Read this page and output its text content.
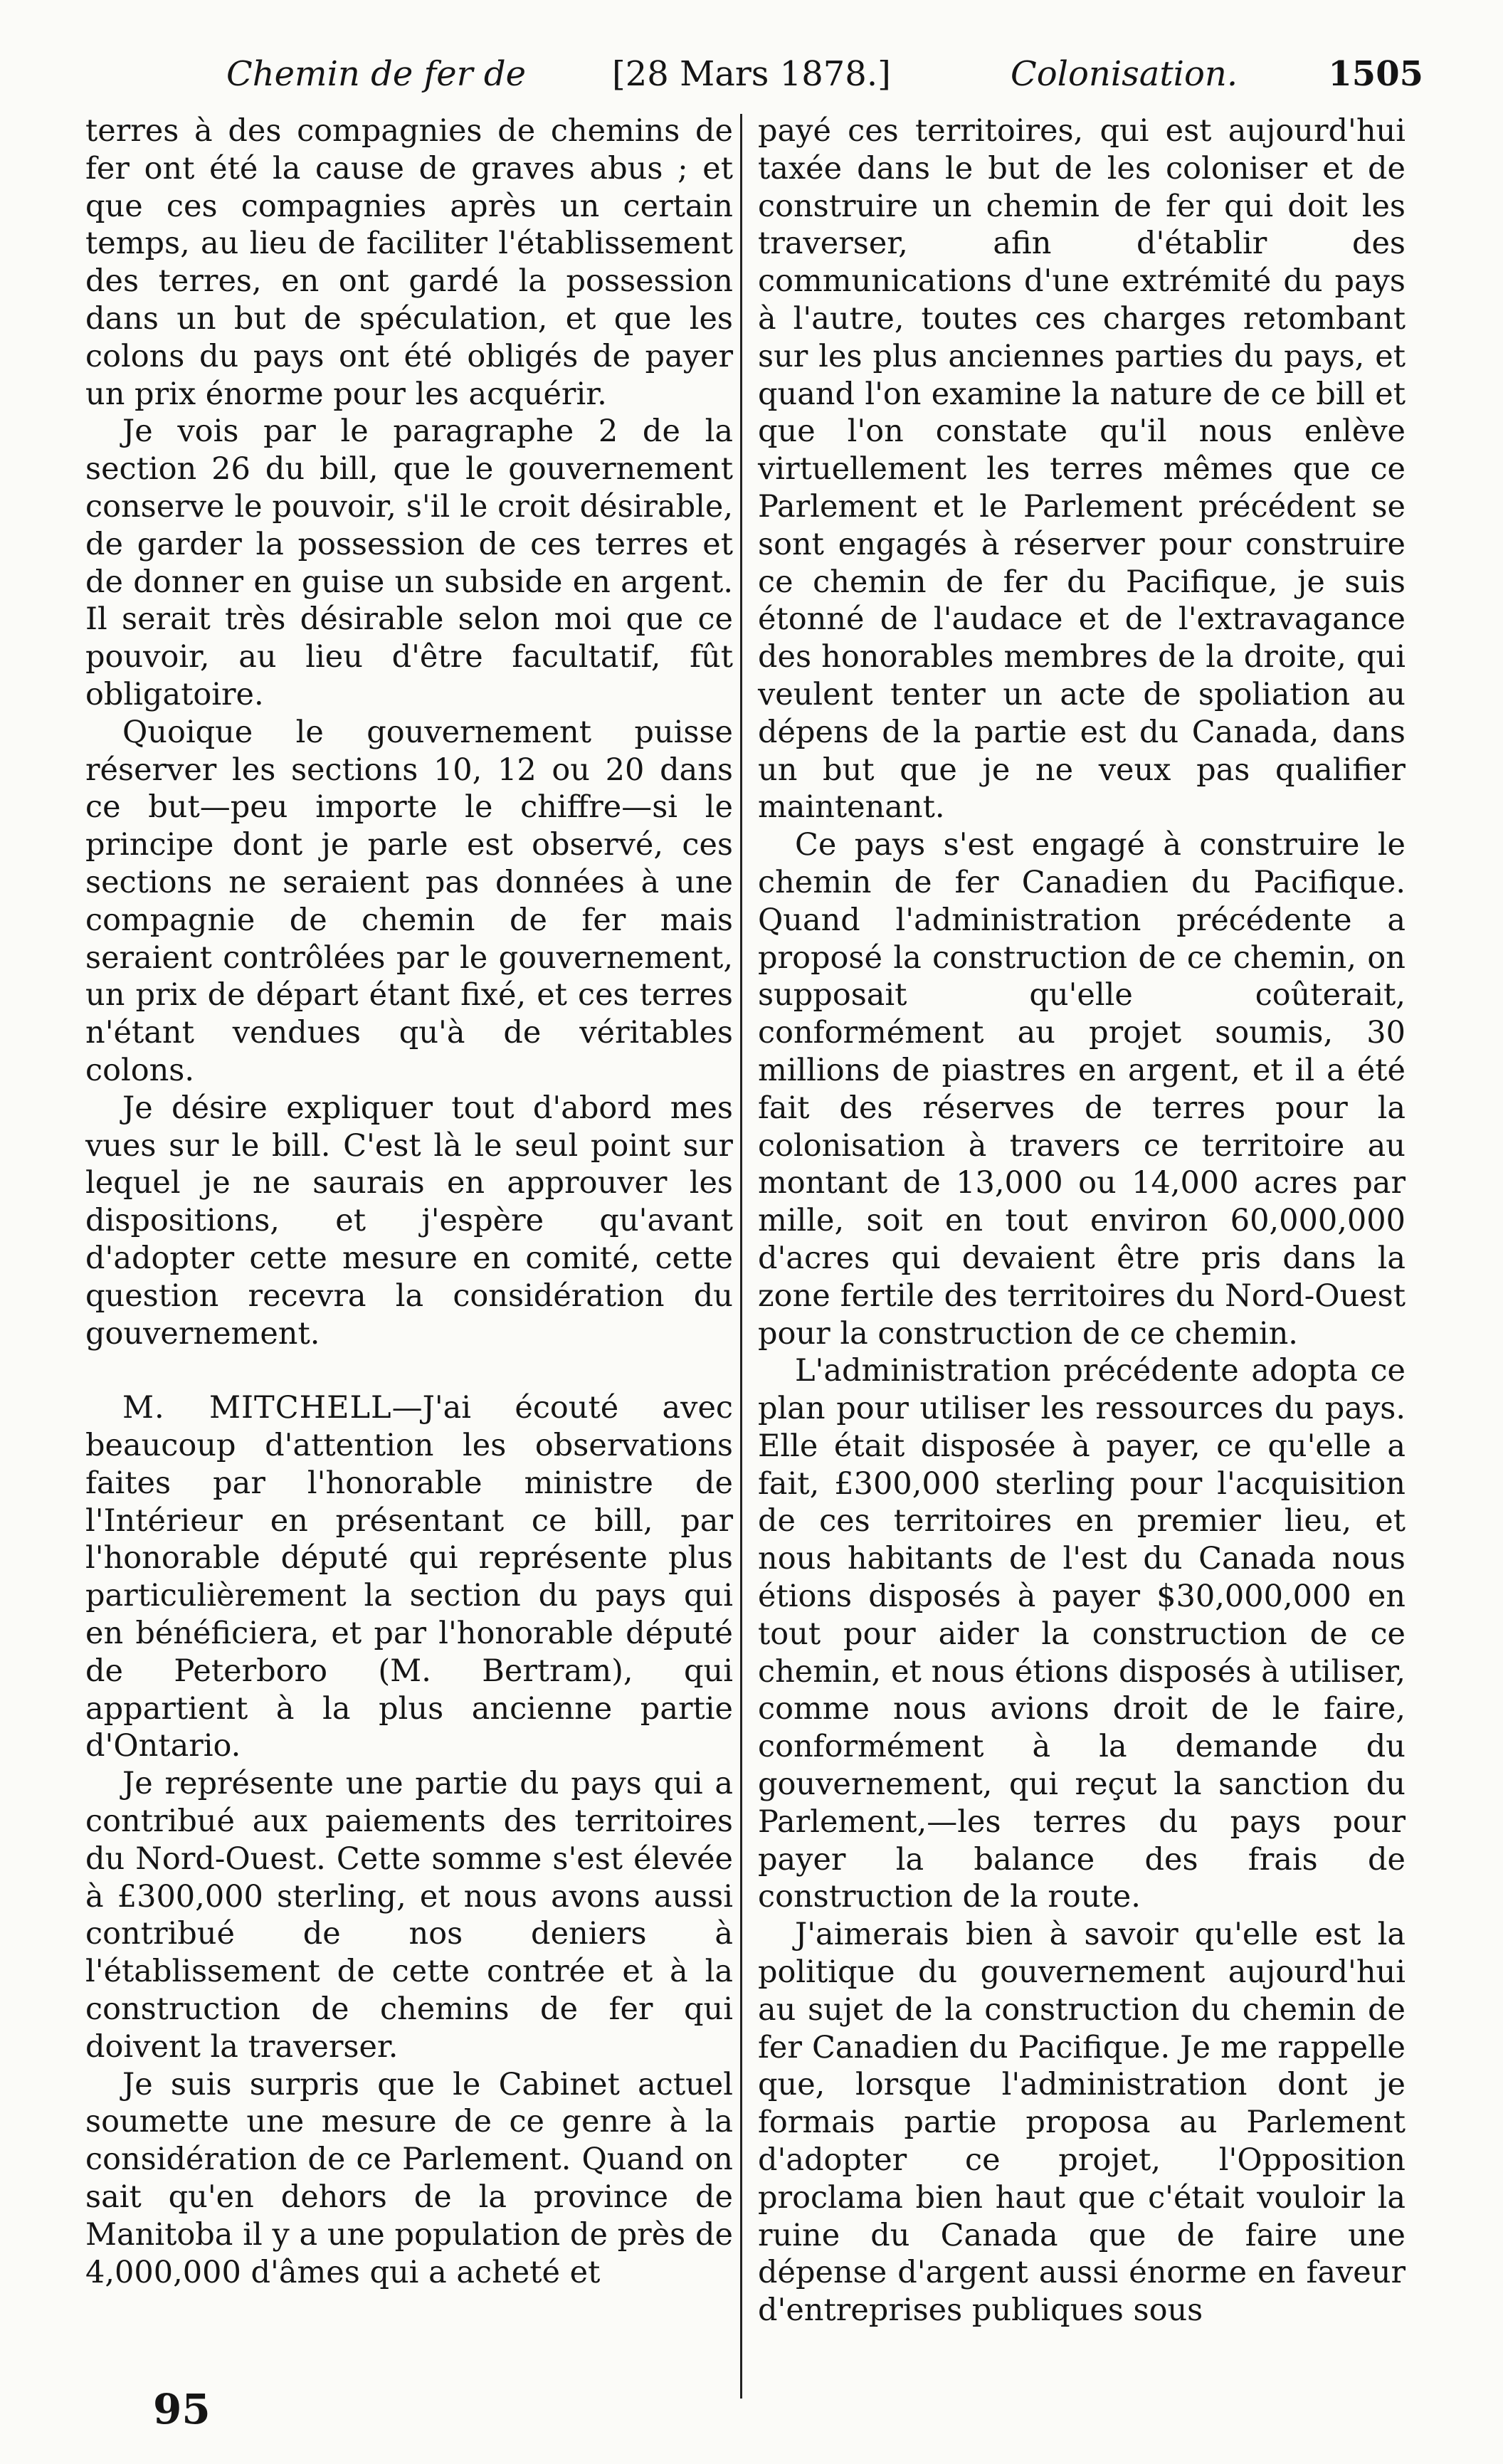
Chemin de fer de	[28 Mars 1878.]	Colonisation.	1505

terres à des compagnies de chemins de fer ont été la cause de graves abus ; et que ces compagnies après un certain temps, au lieu de faciliter l'établissement des terres, en ont gardé la possession dans un but de spéculation, et que les colons du pays ont été obligés de payer un prix énorme pour les acquérir.

Je vois par le paragraphe 2 de la section 26 du bill, que le gouvernement conserve le pouvoir, s'il le croit désirable, de garder la possession de ces terres et de donner en guise un subside en argent. Il serait très désirable selon moi que ce pouvoir, au lieu d'être facultatif, fût obligatoire.

Quoique le gouvernement puisse réserver les sections 10, 12 ou 20 dans ce but—peu importe le chiffre—si le principe dont je parle est observé, ces sections ne seraient pas données à une compagnie de chemin de fer mais seraient contrôlées par le gouvernement, un prix de départ étant fixé, et ces terres n'étant vendues qu'à de véritables colons.

Je désire expliquer tout d'abord mes vues sur le bill. C'est là le seul point sur lequel je ne saurais en approuver les dispositions, et j'espère qu'avant d'adopter cette mesure en comité, cette question recevra la considération du gouvernement.

M. MITCHELL—J'ai écouté avec beaucoup d'attention les observations faites par l'honorable ministre de l'Intérieur en présentant ce bill, par l'honorable député qui représente plus particulièrement la section du pays qui en bénéficiera, et par l'honorable député de Peterboro (M. Bertram), qui appartient à la plus ancienne partie d'Ontario.

Je représente une partie du pays qui a contribué aux paiements des territoires du Nord-Ouest. Cette somme s'est élevée à £300,000 sterling, et nous avons aussi contribué de nos deniers à l'établissement de cette contrée et à la construction de chemins de fer qui doivent la traverser.

Je suis surpris que le Cabinet actuel soumette une mesure de ce genre à la considération de ce Parlement. Quand on sait qu'en dehors de la province de Manitoba il y a une population de près de 4,000,000 d'âmes qui a acheté et

payé ces territoires, qui est aujourd'hui taxée dans le but de les coloniser et de construire un chemin de fer qui doit les traverser, afin d'établir des communications d'une extrémité du pays à l'autre, toutes ces charges retombant sur les plus anciennes parties du pays, et quand l'on examine la nature de ce bill et que l'on constate qu'il nous enlève virtuellement les terres mêmes que ce Parlement et le Parlement précédent se sont engagés à réserver pour construire ce chemin de fer du Pacifique, je suis étonné de l'audace et de l'extravagance des honorables membres de la droite, qui veulent tenter un acte de spoliation au dépens de la partie est du Canada, dans un but que je ne veux pas qualifier maintenant.

Ce pays s'est engagé à construire le chemin de fer Canadien du Pacifique. Quand l'administration précédente a proposé la construction de ce chemin, on supposait qu'elle coûterait, conformément au projet soumis, 30 millions de piastres en argent, et il a été fait des réserves de terres pour la colonisation à travers ce territoire au montant de 13,000 ou 14,000 acres par mille, soit en tout environ 60,000,000 d'acres qui devaient être pris dans la zone fertile des territoires du Nord-Ouest pour la construction de ce chemin.

L'administration précédente adopta ce plan pour utiliser les ressources du pays. Elle était disposée à payer, ce qu'elle a fait, £300,000 sterling pour l'acquisition de ces territoires en premier lieu, et nous habitants de l'est du Canada nous étions disposés à payer $30,000,000 en tout pour aider la construction de ce chemin, et nous étions disposés à utiliser, comme nous avions droit de le faire, conformément à la demande du gouvernement, qui reçut la sanction du Parlement,—les terres du pays pour payer la balance des frais de construction de la route.

J'aimerais bien à savoir qu'elle est la politique du gouvernement aujourd'hui au sujet de la construction du chemin de fer Canadien du Pacifique. Je me rappelle que, lorsque l'administration dont je formais partie proposa au Parlement d'adopter ce projet, l'Opposition proclama bien haut que c'était vouloir la ruine du Canada que de faire une dépense d'argent aussi énorme en faveur d'entreprises publiques sous

95
